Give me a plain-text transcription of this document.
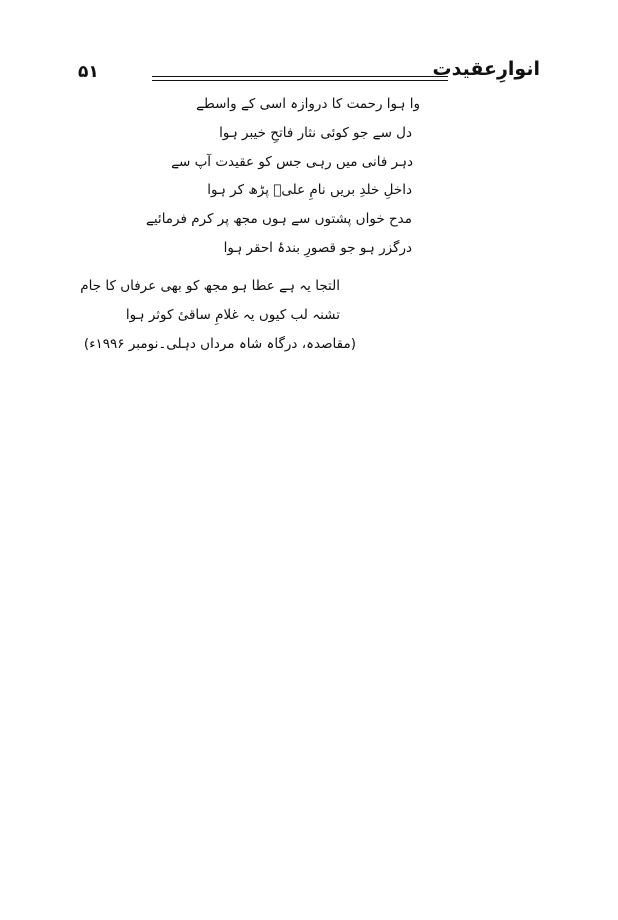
۵۱	انوارِعقیدت
وا ہوا رحمت کا دروازہ اسی کے واسطے
دل سے جو کوئی نثار فاتحِ خیبر ہوا
دہر فانی میں رہی جس کو عقیدت آپ سے
داخلِ خلدِ بریں نامِ علیؑ پڑھ کر ہوا
مدح خواں پشتوں سے ہوں مجھ پر کرم فرمائیے
درگزر ہو جو قصورِ بندۂ احقر ہوا
التجا یہ ہے عطا ہو مجھ کو بھی عرفاں کا جام
تشنہ لب کیوں یہ غلامِ ساقیٔ کوثر ہوا
(مقاصدہ، درگاہ شاہ مرداں دہلی۔نومبر ۱۹۹۶ء)
